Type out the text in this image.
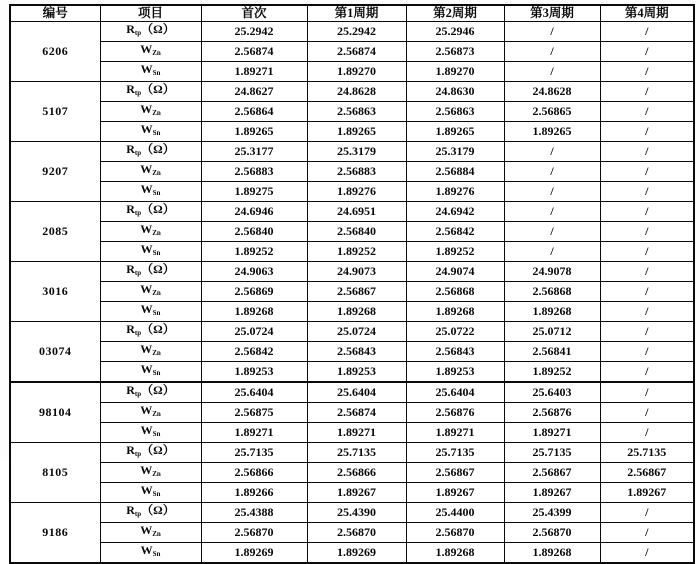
编号	项目	首次	第1周期	第2周期	第3周期	第4周期
6206	$R_{tp}(\Omega)$	25.2942	25.2942	25.2946	/	/
	$W_{Zn}$	2.56874	2.56874	2.56873	/	/
	$W_{Sn}$	1.89271	1.89270	1.89270	/	/
5107	$R_{tp}(\Omega)$	24.8627	24.8628	24.8630	24.8628	/
	$W_{Zn}$	2.56864	2.56863	2.56863	2.56865	/
	$W_{Sn}$	1.89265	1.89265	1.89265	1.89265	/
9207	$R_{tp}(\Omega)$	25.3177	25.3179	25.3179	/	/
	$W_{Zn}$	2.56883	2.56883	2.56884	/	/
	$W_{Sn}$	1.89275	1.89276	1.89276	/	/
2085	$R_{tp}(\Omega)$	24.6946	24.6951	24.6942	/	/
	$W_{Zn}$	2.56840	2.56840	2.56842	/	/
	$W_{Sn}$	1.89252	1.89252	1.89252	/	/
3016	$R_{tp}(\Omega)$	24.9063	24.9073	24.9074	24.9078	/
	$W_{Zn}$	2.56869	2.56867	2.56868	2.56868	/
	$W_{Sn}$	1.89268	1.89268	1.89268	1.89268	/
03074	$R_{tp}(\Omega)$	25.0724	25.0724	25.0722	25.0712	/
	$W_{Zn}$	2.56842	2.56843	2.56843	2.56841	/
	$W_{Sn}$	1.89253	1.89253	1.89253	1.89252	/
98104	$R_{tp}(\Omega)$	25.6404	25.6404	25.6404	25.6403	/
	$W_{Zn}$	2.56875	2.56874	2.56876	2.56876	/
	$W_{Sn}$	1.89271	1.89271	1.89271	1.89271	/
8105	$R_{tp}(\Omega)$	25.7135	25.7135	25.7135	25.7135	25.7135
	$W_{Zn}$	2.56866	2.56866	2.56867	2.56867	2.56867
	$W_{Sn}$	1.89266	1.89267	1.89267	1.89267	1.89267
9186	$R_{tp}(\Omega)$	25.4388	25.4390	25.4400	25.4399	/
	$W_{Zn}$	2.56870	2.56870	2.56870	2.56870	/
	$W_{Sn}$	1.89269	1.89269	1.89268	1.89268	/
